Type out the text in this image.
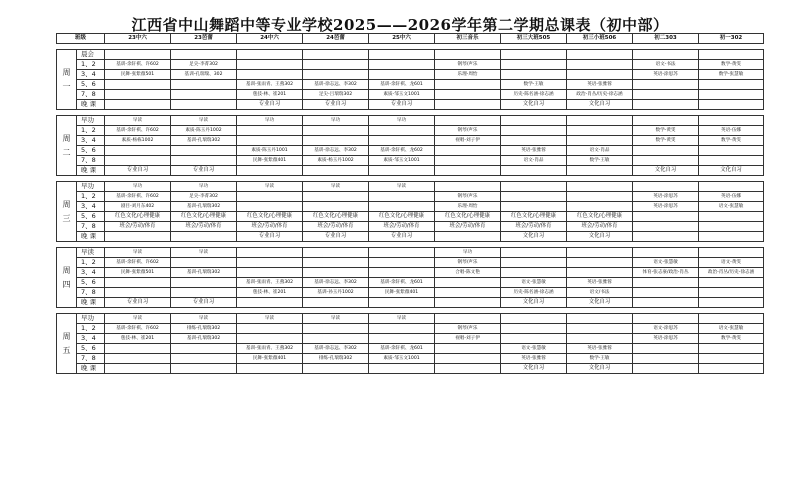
江西省中山舞蹈中等专业学校2025——2026学年第二学期总课表（初中部）
班级		23中六	23芭蕾	24中六	24芭蕾	25中六	初三音乐	初三大班505	初三小班506	初二303	初一302

周
一	晨会										
	1、2	基训-余轩祺、许602	足尖-李菁302				钢琴/声乐			语文-书法	数学-黄雯
	3、4	民舞-张紫薇501	基训-孔瑞瑞、302				乐理-周怡			英语-涂思苏	数学-张慧敏
	5、6			基训-张雨青、王燕302	基训-徐志远、李302	基训-余轩祺、龙601		数学-王敏	英语-张雅蓉		
	7、8			毯技-林、崔201	足尖-吕瑞瑞302	素质-邹玉文1001		历史-陈名涵-徐志涵	政治-肖丛/历史-徐志涵		
	晚 课			专业自习	专业自习	专业自习		文化自习	文化自习		

周
二	早功	早读	早读	早功	早功	早功					
	1、2	基训-余轩祺、许602	素质-陈玉丹1002				钢琴/声乐			数学-黄雯	英语-伍娜
	3、4	素质-杨栋1002	基训-孔瑞瑞302				视唱-刘子伊			数学-黄雯	数学-黄雯
	5、6			素质-陈玉丹1001	基训-徐志远、李302	基训-余轩祺、龙602		英语-张雅蓉	语文-肖品		
	7、8			民舞-张紫薇401	素质-杨玉丹1002	素质-邹玉文1001		语文-肖品	数学-王敏		
	晚 课	专业自习	专业自习							文化自习	文化自习

周
三	早功	早功	早功	早读	早读	早读					
	1、2	基训-余轩祺、许602	足尖-李菁302				钢琴/声乐			英语-涂思苏	英语-伍娜
	3、4	剧目-刘月东402	基训-孔瑞瑞302				乐理-周怡			英语-涂思苏	语文-张慧敏
	5、6	红色文化/心理健康	红色文化/心理健康	红色文化/心理健康	红色文化/心理健康	红色文化/心理健康	红色文化/心理健康	红色文化/心理健康	红色文化/心理健康		
	7、8	班会/劳动/体育	班会/劳动/体育	班会/劳动/体育	班会/劳动/体育	班会/劳动/体育	班会/劳动/体育	班会/劳动/体育	班会/劳动/体育		
	晚 课			专业自习	专业自习	专业自习		文化自习	文化自习		

周
四	早读	早读	早读				早功				
	1、2	基训-余轩祺、许602					钢琴/声乐			语文-张慧敏	语文-黄雯
	3、4	民舞-张紫薇501	基训-孔瑞瑞302				合唱-陈文艳			体育-张志豪/政治-肖丛	政治-肖丛/历史-徐志涵
	5、6			基训-张雨青、王燕302	基训-徐志远、李302	基训-余轩祺、龙601		语文-张慧敏	英语-张雅蓉		
	7、8			毯技-林、崔201	基训-孙玉丹1002	民舞-张紫薇401		历史-陈名涵-徐志涵	语文/书法		
	晚 课	专业自习	专业自习					文化自习	文化自习		

周
五	早功	早读	早读	早读	早读	早读					
	1、2	基训-余轩祺、许602	排练-孔瑞瑞302				钢琴/声乐			语文-涂思苏	语文-张慧敏
	3、4	毯技-林、崔201	基训-孔瑞瑞302				视唱-刘子伊			英语-涂思苏	数学-黄雯
	5、6			基训-张雨青、王燕302	基训-徐志远、李302	基训-余轩祺、龙601		语文-张慧敏	英语-张雅蓉		
	7、8			民舞-张紫薇401	排练-孔瑞瑞302	素质-邹玉文1001		英语-张雅蓉	数学-王敏		
	晚 课							文化自习	文化自习		
